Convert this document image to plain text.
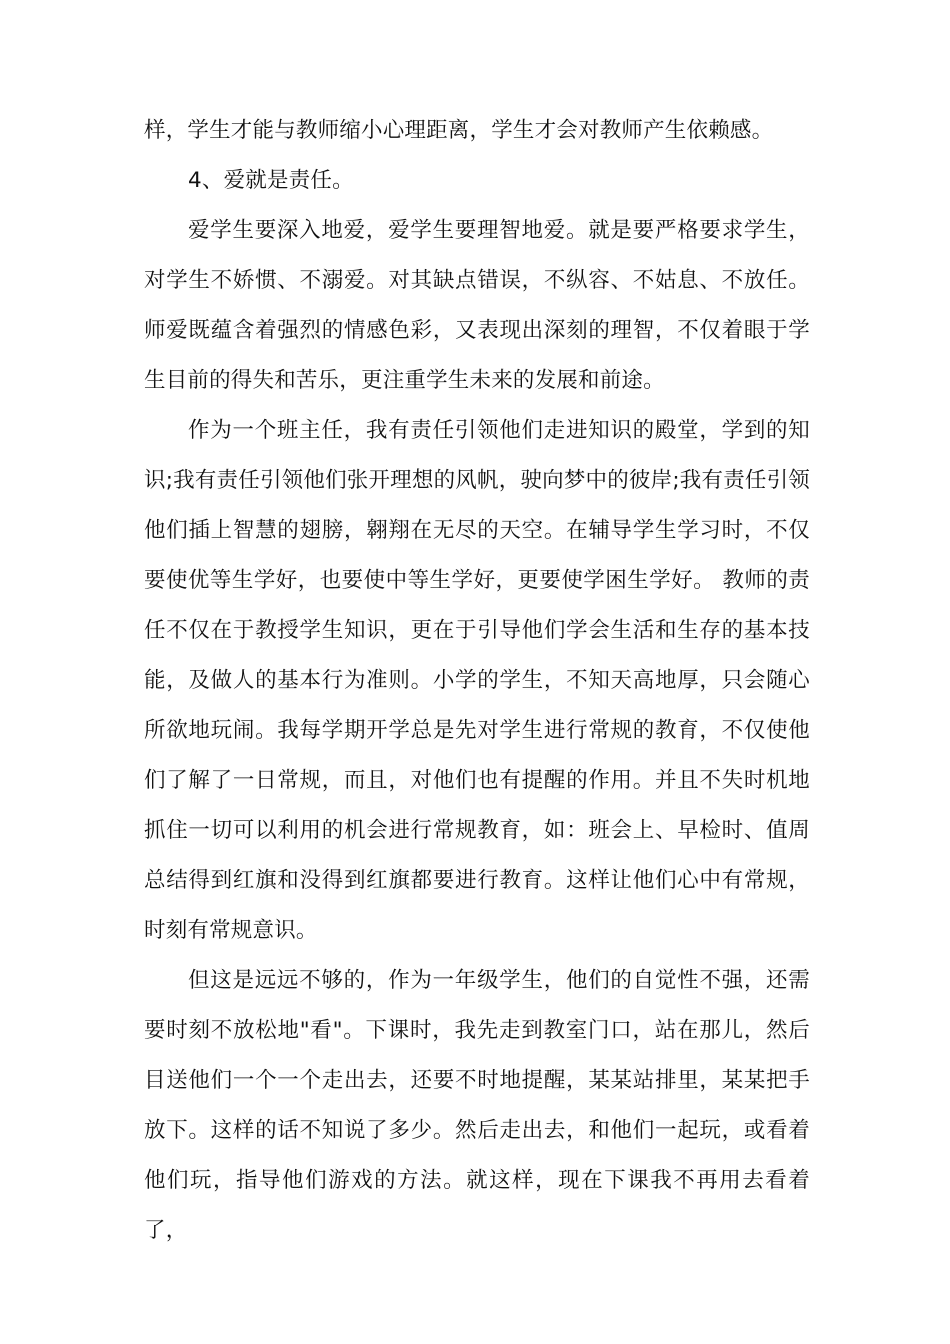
样，学生才能与教师缩小心理距离，学生才会对教师产生依赖感。

4、爱就是责任。

爱学生要深入地爱，爱学生要理智地爱。就是要严格要求学生，对学生不娇惯、不溺爱。对其缺点错误，不纵容、不姑息、不放任。师爱既蕴含着强烈的情感色彩，又表现出深刻的理智，不仅着眼于学生目前的得失和苦乐，更注重学生未来的发展和前途。

作为一个班主任，我有责任引领他们走进知识的殿堂，学到的知识;我有责任引领他们张开理想的风帆，驶向梦中的彼岸;我有责任引领他们插上智慧的翅膀，翱翔在无尽的天空。在辅导学生学习时，不仅要使优等生学好，也要使中等生学好，更要使学困生学好。 教师的责任不仅在于教授学生知识，更在于引导他们学会生活和生存的基本技能，及做人的基本行为准则。小学的学生，不知天高地厚，只会随心所欲地玩闹。我每学期开学总是先对学生进行常规的教育，不仅使他们了解了一日常规，而且，对他们也有提醒的作用。并且不失时机地抓住一切可以利用的机会进行常规教育，如：班会上、早检时、值周总结得到红旗和没得到红旗都要进行教育。这样让他们心中有常规，时刻有常规意识。

但这是远远不够的，作为一年级学生，他们的自觉性不强，还需要时刻不放松地"看"。下课时，我先走到教室门口，站在那儿，然后目送他们一个一个走出去，还要不时地提醒，某某站排里，某某把手放下。这样的话不知说了多少。然后走出去，和他们一起玩，或看着他们玩，指导他们游戏的方法。就这样，现在下课我不再用去看着了，
